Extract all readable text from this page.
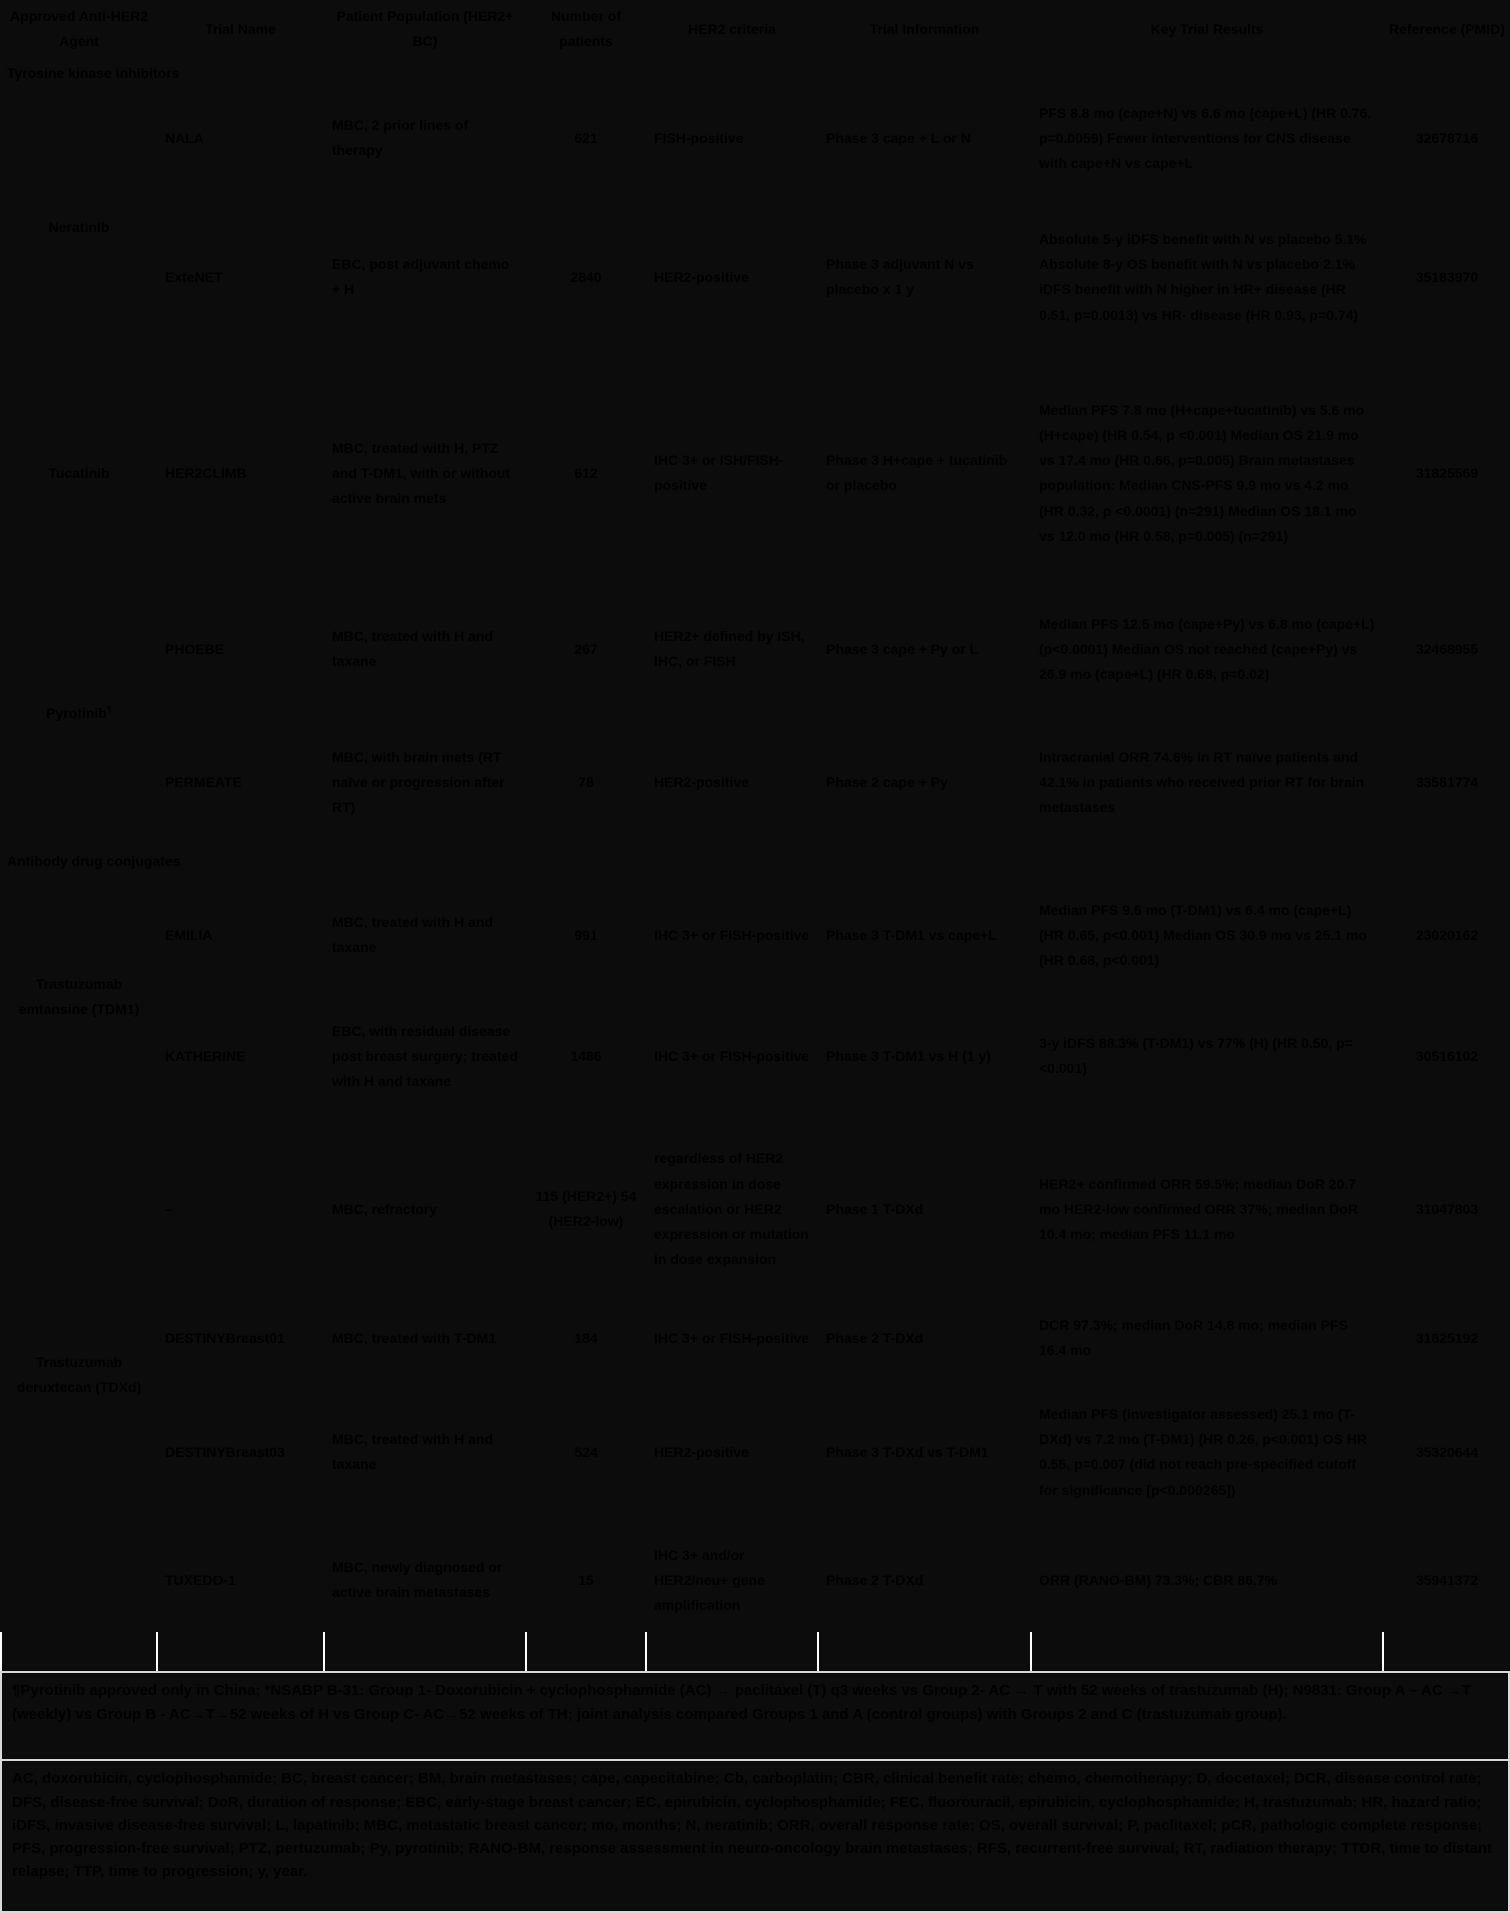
Approved Anti-HER2 Agent	Trial Name	Patient Population (HER2+ BC)	Number of patients	HER2 criteria	Trial Information	Key Trial Results	Reference (PMID)
Tyrosine kinase inhibitors							
Neratinib	NALA	MBC, 2 prior lines of therapy	621	FISH-positive	Phase 3 cape + L or N	PFS 8.8 mo (cape+N) vs 6.6 mo (cape+L) (HR 0.76, p=0.0059) Fewer interventions for CNS disease with cape+N vs cape+L	32678716
	ExteNET	EBC, post adjuvant chemo + H	2840	HER2-positive	Phase 3 adjuvant N vs placebo x 1 y	Absolute 5-y iDFS benefit with N vs placebo 5.1% Absolute 8-y OS benefit with N vs placebo 2.1% iDFS benefit with N higher in HR+ disease (HR 0.51, p=0.0013) vs HR- disease (HR 0.93, p=0.74)	35183970
Tucatinib	HER2CLIMB	MBC, treated with H, PTZ and T-DM1, with or without active brain mets	612	IHC 3+ or ISH/FISH-positive	Phase 3 H+cape + tucatinib or placebo	Median PFS 7.8 mo (H+cape+tucatinib) vs 5.6 mo (H+cape) (HR 0.54, p <0.001) Median OS 21.9 mo vs 17.4 mo (HR 0.66, p=0.005) Brain metastases population: Median CNS-PFS 9.9 mo vs 4.2 mo (HR 0.32, p <0.0001) (n=291) Median OS 18.1 mo vs 12.0 mo (HR 0.58, p=0.005) (n=291)	31825569
Pyrotinib¶	PHOEBE	MBC, treated with H and taxane	267	HER2+ defined by ISH, IHC, or FISH	Phase 3 cape + Py or L	Median PFS 12.5 mo (cape+Py) vs 6.8 mo (cape+L) (p<0.0001) Median OS not reached (cape+Py) vs 26.9 mo (cape+L) (HR 0.69, p=0.02)	32468955
	PERMEATE	MBC, with brain mets (RT naïve or progression after RT)	78	HER2-positive	Phase 2 cape + Py	Intracranial ORR 74.6% in RT naïve patients and 42.1% in patients who received prior RT for brain metastases	33581774
Antibody drug conjugates							
Trastuzumab emtansine (TDM1)	EMILIA	MBC, treated with H and taxane	991	IHC 3+ or FISH-positive	Phase 3 T-DM1 vs cape+L	Median PFS 9.6 mo (T-DM1) vs 6.4 mo (cape+L) (HR 0.65, p<0.001) Median OS 30.9 mo vs 25.1 mo (HR 0.68, p<0.001)	23020162
	KATHERINE	EBC, with residual disease post breast surgery; treated with H and taxane	1486	IHC 3+ or FISH-positive	Phase 3 T-DM1 vs H (1 y)	3-y iDFS 88.3% (T-DM1) vs 77% (H) (HR 0.50, p=<0.001)	30516102
Trastuzumab deruxtecan (TDXd)	–	MBC, refractory	115 (HER2+) 54 (HER2-low)	regardless of HER2 expression in dose escalation or HER2 expression or mutation in dose expansion	Phase 1 T-DXd	HER2+ confirmed ORR 59.5%; median DoR 20.7 mo HER2-low confirmed ORR 37%; median DoR 10.4 mo; median PFS 11.1 mo	31047803
	DESTINYBreast01	MBC, treated with T-DM1	184	IHC 3+ or FISH-positive	Phase 2 T-DXd	DCR 97.3%; median DoR 14.8 mo; median PFS 16.4 mo	31825192
	DESTINYBreast03	MBC, treated with H and taxane	524	HER2-positive	Phase 3 T-DXd vs T-DM1	Median PFS (investigator assessed) 25.1 mo (T-DXd) vs 7.2 mo (T-DM1) (HR 0.26, p<0.001) OS HR 0.55, p=0.007 (did not reach pre-specified cutoff for significance [p<0.000265])	35320644
	TUXEDO-1	MBC, newly diagnosed or active brain metastases	15	IHC 3+ and/or HER2/neu+ gene amplification	Phase 2 T-DXd	ORR (RANO-BM) 73.3%; CBR 86.7%	35941372

¶Pyrotinib approved only in China; *NSABP B-31: Group 1- Doxorubicin + cyclophosphamide (AC) → paclitaxel (T) q3 weeks vs Group 2- AC → T with 52 weeks of trastuzumab (H); N9831: Group A – AC →T (weekly) vs Group B - AC→T→52 weeks of H vs Group C- AC→52 weeks of TH; joint analysis compared Groups 1 and A (control groups) with Groups 2 and C (trastuzumab group).
AC, doxorubicin, cyclophosphamide; BC, breast cancer; BM, brain metastases; cape, capecitabine; Cb, carboplatin; CBR, clinical benefit rate; chemo, chemotherapy; D, docetaxel; DCR, disease control rate; DFS, disease-free survival; DoR, duration of response; EBC, early-stage breast cancer; EC, epirubicin, cyclophosphamide; FEC, fluorouracil, epirubicin, cyclophosphamide; H, trastuzumab; HR, hazard ratio; iDFS, invasive disease-free survival; L, lapatinib; MBC, metastatic breast cancer; mo, months; N, neratinib; ORR, overall response rate; OS, overall survival; P, paclitaxel; pCR, pathologic complete response; PFS, progression-free survival; PTZ, pertuzumab; Py, pyrotinib; RANO-BM, response assessment in neuro-oncology brain metastases; RFS, recurrent-free survival; RT, radiation therapy; TTDR, time to distant relapse; TTP, time to progression; y, year.
